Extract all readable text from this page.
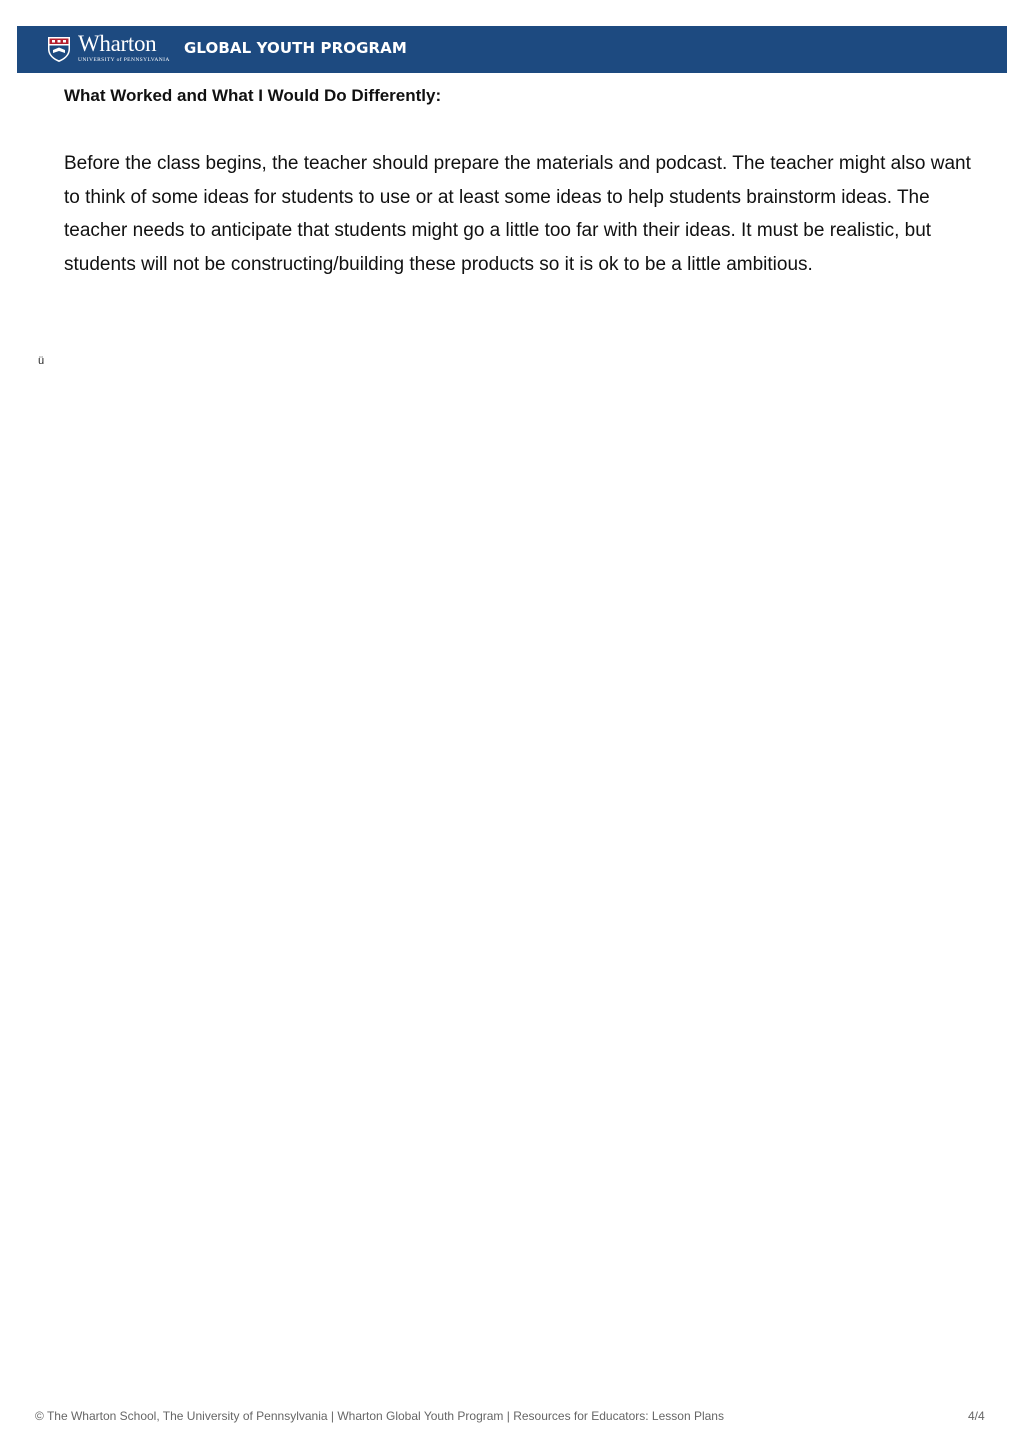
Wharton
UNIVERSITY of PENNSYLVANIA
GLOBAL YOUTH PROGRAM
What Worked and What I Would Do Differently:

Before the class begins, the teacher should prepare the materials and podcast. The teacher might also want to think of some ideas for students to use or at least some ideas to help students brainstorm ideas. The teacher needs to anticipate that students might go a little too far with their ideas. It must be realistic, but students will not be constructing/building these products so it is ok to be a little ambitious.

ü
© The Wharton School, The University of Pennsylvania | Wharton Global Youth Program | Resources for Educators: Lesson Plans	4/4
